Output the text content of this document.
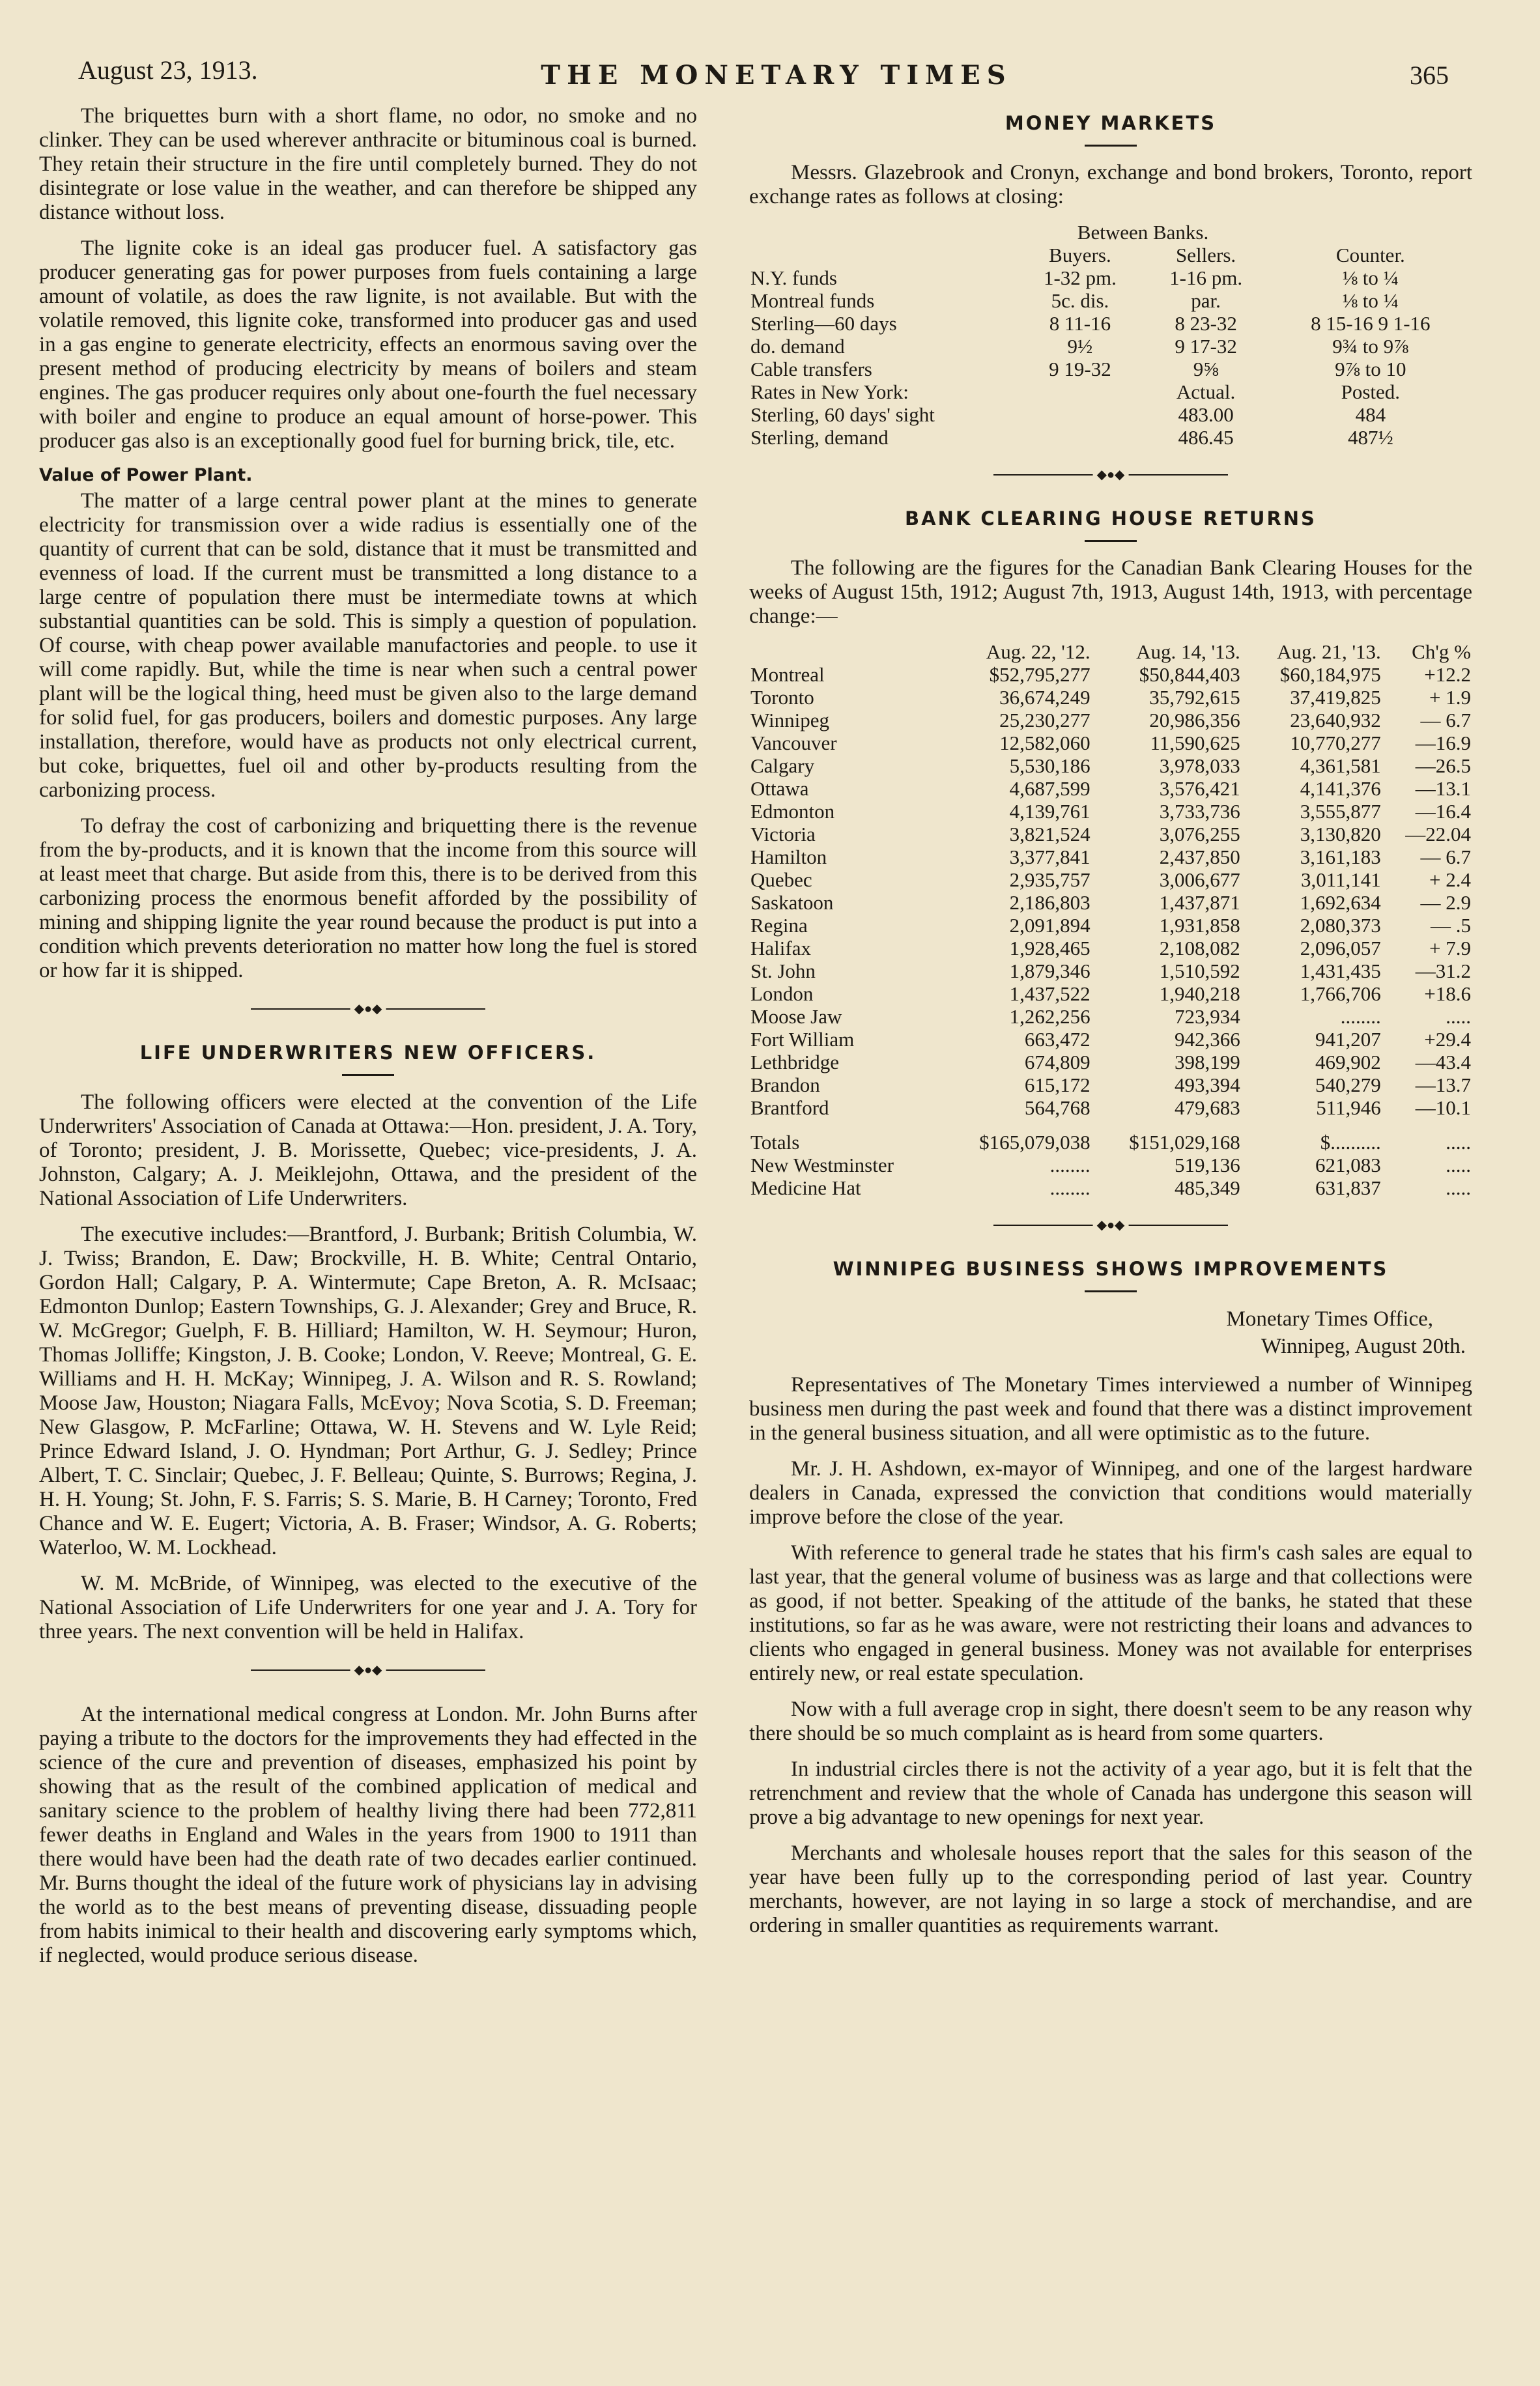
August 23, 1913.	THE MONETARY TIMES	365

The briquettes burn with a short flame, no odor, no smoke and no clinker. They can be used wherever anthracite or bituminous coal is burned. They retain their structure in the fire until completely burned. They do not disintegrate or lose value in the weather, and can therefore be shipped any distance without loss.

The lignite coke is an ideal gas producer fuel. A satisfactory gas producer generating gas for power purposes from fuels containing a large amount of volatile, as does the raw lignite, is not available. But with the volatile removed, this lignite coke, transformed into producer gas and used in a gas engine to generate electricity, effects an enormous saving over the present method of producing electricity by means of boilers and steam engines. The gas producer requires only about one-fourth the fuel necessary with boiler and engine to produce an equal amount of horse-power. This producer gas also is an exceptionally good fuel for burning brick, tile, etc.

Value of Power Plant.

The matter of a large central power plant at the mines to generate electricity for transmission over a wide radius is essentially one of the quantity of current that can be sold, distance that it must be transmitted and evenness of load. If the current must be transmitted a long distance to a large centre of population there must be intermediate towns at which substantial quantities can be sold. This is simply a question of population. Of course, with cheap power available manufactories and people. to use it will come rapidly. But, while the time is near when such a central power plant will be the logical thing, heed must be given also to the large demand for solid fuel, for gas producers, boilers and domestic purposes. Any large installation, therefore, would have as products not only electrical current, but coke, briquettes, fuel oil and other by-products resulting from the carbonizing process.

To defray the cost of carbonizing and briquetting there is the revenue from the by-products, and it is known that the income from this source will at least meet that charge. But aside from this, there is to be derived from this carbonizing process the enormous benefit afforded by the possibility of mining and shipping lignite the year round because the product is put into a condition which prevents deterioration no matter how long the fuel is stored or how far it is shipped.

◆●◆
LIFE UNDERWRITERS NEW OFFICERS.

The following officers were elected at the convention of the Life Underwriters' Association of Canada at Ottawa:—Hon. president, J. A. Tory, of Toronto; president, J. B. Morissette, Quebec; vice-presidents, J. A. Johnston, Calgary; A. J. Meiklejohn, Ottawa, and the president of the National Association of Life Underwriters.

The executive includes:—Brantford, J. Burbank; British Columbia, W. J. Twiss; Brandon, E. Daw; Brockville, H. B. White; Central Ontario, Gordon Hall; Calgary, P. A. Wintermute; Cape Breton, A. R. McIsaac; Edmonton Dunlop; Eastern Townships, G. J. Alexander; Grey and Bruce, R. W. McGregor; Guelph, F. B. Hilliard; Hamilton, W. H. Seymour; Huron, Thomas Jolliffe; Kingston, J. B. Cooke; London, V. Reeve; Montreal, G. E. Williams and H. H. McKay; Winnipeg, J. A. Wilson and R. S. Rowland; Moose Jaw, Houston; Niagara Falls, McEvoy; Nova Scotia, S. D. Freeman; New Glasgow, P. McFarline; Ottawa, W. H. Stevens and W. Lyle Reid; Prince Edward Island, J. O. Hyndman; Port Arthur, G. J. Sedley; Prince Albert, T. C. Sinclair; Quebec, J. F. Belleau; Quinte, S. Burrows; Regina, J. H. H. Young; St. John, F. S. Farris; S. S. Marie, B. H Carney; Toronto, Fred Chance and W. E. Eugert; Victoria, A. B. Fraser; Windsor, A. G. Roberts; Waterloo, W. M. Lockhead.

W. M. McBride, of Winnipeg, was elected to the executive of the National Association of Life Underwriters for one year and J. A. Tory for three years. The next convention will be held in Halifax.

◆●◆

At the international medical congress at London. Mr. John Burns after paying a tribute to the doctors for the improvements they had effected in the science of the cure and prevention of diseases, emphasized his point by showing that as the result of the combined application of medical and sanitary science to the problem of healthy living there had been 772,811 fewer deaths in England and Wales in the years from 1900 to 1911 than there would have been had the death rate of two decades earlier continued. Mr. Burns thought the ideal of the future work of physicians lay in advising the world as to the best means of preventing disease, dissuading people from habits inimical to their health and discovering early symptoms which, if neglected, would produce serious disease.

MONEY MARKETS

Messrs. Glazebrook and Cronyn, exchange and bond brokers, Toronto, report exchange rates as follows at closing:

	Between Banks.		
	Buyers.	Sellers.	Counter.
N.Y. funds	1-32 pm.	1-16 pm.	⅛ to ¼
Montreal funds	5c. dis.	par.	⅛ to ¼
Sterling—60 days	8 11-16	8 23-32	8 15-16 9 1-16
do. demand	9½	9 17-32	9¾ to 9⅞
Cable transfers	9 19-32	9⅝	9⅞ to 10
Rates in New York:		Actual.	Posted.
Sterling, 60 days' sight		483.00	484
Sterling, demand		486.45	487½
◆●◆
BANK CLEARING HOUSE RETURNS

The following are the figures for the Canadian Bank Clearing Houses for the weeks of August 15th, 1912; August 7th, 1913, August 14th, 1913, with percentage change:—

	Aug. 22, '12.	Aug. 14, '13.	Aug. 21, '13.	Ch'g %
Montreal	$52,795,277	$50,844,403	$60,184,975	+12.2
Toronto	36,674,249	35,792,615	37,419,825	+ 1.9
Winnipeg	25,230,277	20,986,356	23,640,932	— 6.7
Vancouver	12,582,060	11,590,625	10,770,277	—16.9
Calgary	5,530,186	3,978,033	4,361,581	—26.5
Ottawa	4,687,599	3,576,421	4,141,376	—13.1
Edmonton	4,139,761	3,733,736	3,555,877	—16.4
Victoria	3,821,524	3,076,255	3,130,820	—22.04
Hamilton	3,377,841	2,437,850	3,161,183	— 6.7
Quebec	2,935,757	3,006,677	3,011,141	+ 2.4
Saskatoon	2,186,803	1,437,871	1,692,634	— 2.9
Regina	2,091,894	1,931,858	2,080,373	— .5
Halifax	1,928,465	2,108,082	2,096,057	+ 7.9
St. John	1,879,346	1,510,592	1,431,435	—31.2
London	1,437,522	1,940,218	1,766,706	+18.6
Moose Jaw	1,262,256	723,934	........	.....
Fort William	663,472	942,366	941,207	+29.4
Lethbridge	674,809	398,199	469,902	—43.4
Brandon	615,172	493,394	540,279	—13.7
Brantford	564,768	479,683	511,946	—10.1

Totals	$165,079,038	$151,029,168	$..........	.....
New Westminster	........	519,136	621,083	.....
Medicine Hat	........	485,349	631,837	.....
◆●◆
WINNIPEG BUSINESS SHOWS IMPROVEMENTS
Monetary Times Office,
Winnipeg, August 20th.

Representatives of The Monetary Times interviewed a number of Winnipeg business men during the past week and found that there was a distinct improvement in the general business situation, and all were optimistic as to the future.

Mr. J. H. Ashdown, ex-mayor of Winnipeg, and one of the largest hardware dealers in Canada, expressed the conviction that conditions would materially improve before the close of the year.

With reference to general trade he states that his firm's cash sales are equal to last year, that the general volume of business was as large and that collections were as good, if not better. Speaking of the attitude of the banks, he stated that these institutions, so far as he was aware, were not restricting their loans and advances to clients who engaged in general business. Money was not available for enterprises entirely new, or real estate speculation.

Now with a full average crop in sight, there doesn't seem to be any reason why there should be so much complaint as is heard from some quarters.

In industrial circles there is not the activity of a year ago, but it is felt that the retrenchment and review that the whole of Canada has undergone this season will prove a big advantage to new openings for next year.

Merchants and wholesale houses report that the sales for this season of the year have been fully up to the corresponding period of last year. Country merchants, however, are not laying in so large a stock of merchandise, and are ordering in smaller quantities as requirements warrant.
